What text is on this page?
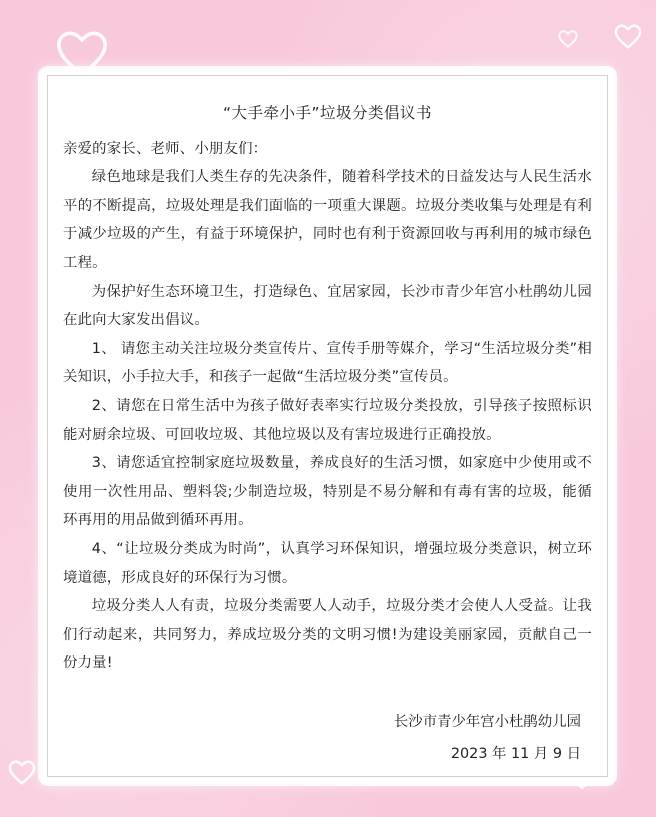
“大手牵小手”垃圾分类倡议书

亲爱的家长、老师、小朋友们：

绿色地球是我们人类生存的先决条件，随着科学技术的日益发达与人民生活水平的不断提高，垃圾处理是我们面临的一项重大课题。垃圾分类收集与处理是有利于减少垃圾的产生，有益于环境保护，同时也有利于资源回收与再利用的城市绿色工程。

为保护好生态环境卫生，打造绿色、宜居家园，长沙市青少年宫小杜鹃幼儿园在此向大家发出倡议。

1、 请您主动关注垃圾分类宣传片、宣传手册等媒介，学习“生活垃圾分类”相关知识，小手拉大手，和孩子一起做“生活垃圾分类”宣传员。

2、请您在日常生活中为孩子做好表率实行垃圾分类投放，引导孩子按照标识能对厨余垃圾、可回收垃圾、其他垃圾以及有害垃圾进行正确投放。

3、请您适宜控制家庭垃圾数量，养成良好的生活习惯，如家庭中少使用或不使用一次性用品、塑料袋;少制造垃圾，特别是不易分解和有毒有害的垃圾，能循环再用的用品做到循环再用。

4、“让垃圾分类成为时尚”，认真学习环保知识，增强垃圾分类意识，树立环境道德，形成良好的环保行为习惯。

垃圾分类人人有责，垃圾分类需要人人动手，垃圾分类才会使人人受益。让我们行动起来，共同努力，养成垃圾分类的文明习惯!为建设美丽家园，贡献自己一份力量!

长沙市青少年宫小杜鹃幼儿园
2023 年 11 月 9 日
